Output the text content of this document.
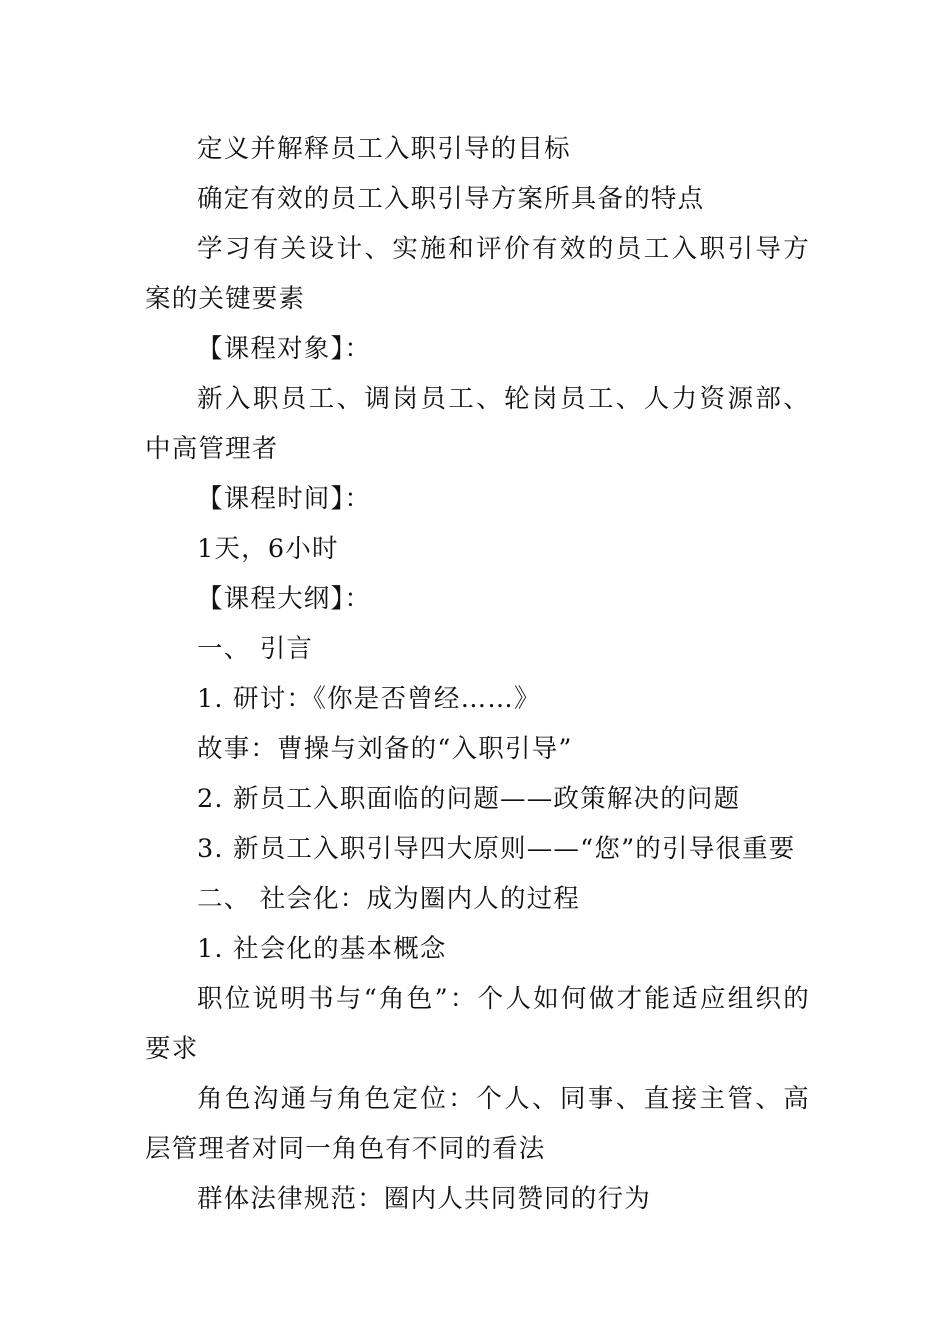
定义并解释员工入职引导的目标

确定有效的员工入职引导方案所具备的特点

学习有关设计、实施和评价有效的员工入职引导方案的关键要素

【课程对象】：

新入职员工、调岗员工、轮岗员工、人力资源部、中高管理者

【课程时间】：

1天，6小时

【课程大纲】：

一、 引言

1. 研讨：《你是否曾经……》

故事：曹操与刘备的“入职引导”

2. 新员工入职面临的问题——政策解决的问题

3. 新员工入职引导四大原则——“您”的引导很重要

二、 社会化：成为圈内人的过程

1. 社会化的基本概念

职位说明书与“角色”：个人如何做才能适应组织的要求

角色沟通与角色定位：个人、同事、直接主管、高层管理者对同一角色有不同的看法

群体法律规范：圈内人共同赞同的行为
